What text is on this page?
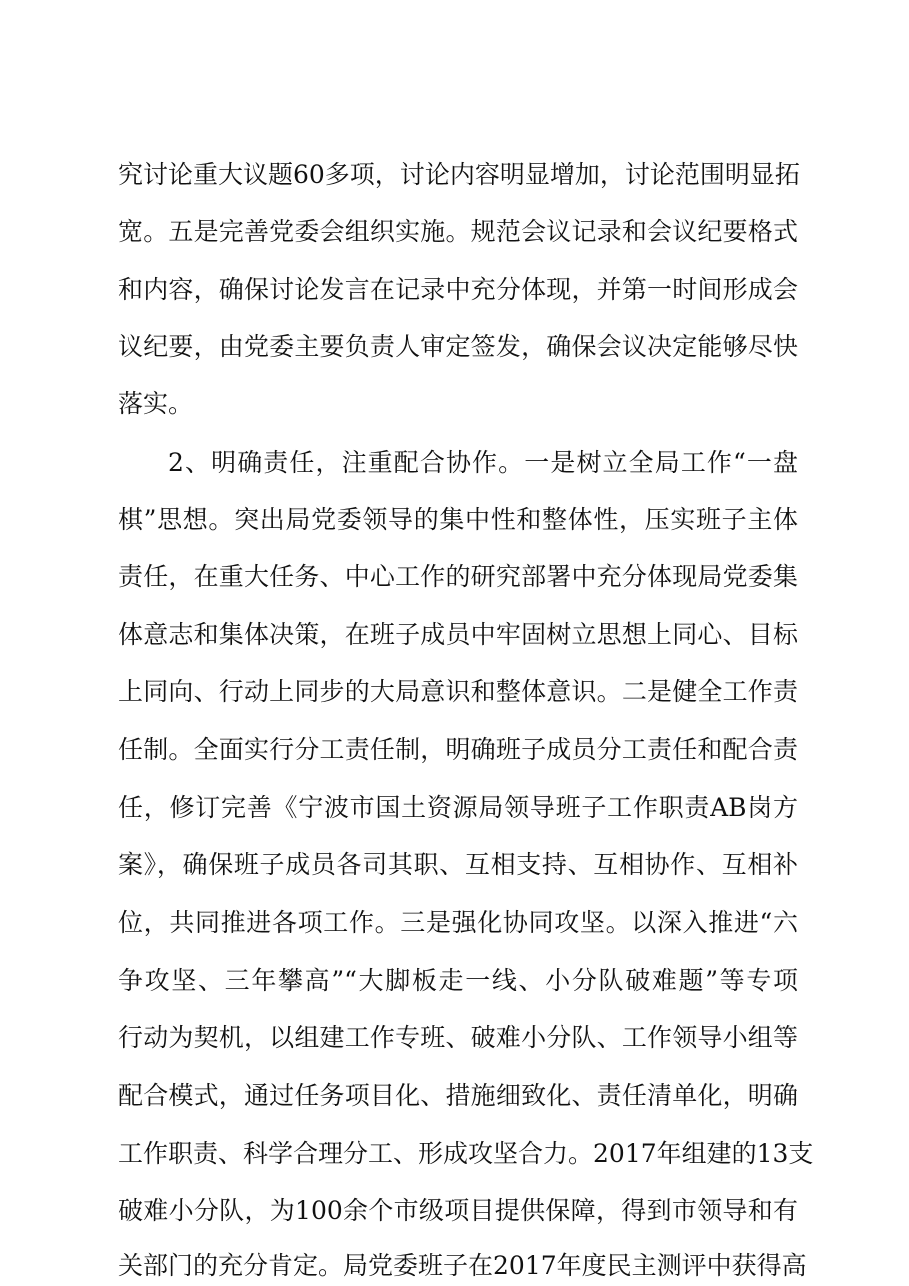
究讨论重大议题60多项，讨论内容明显增加，讨论范围明显拓
宽。五是完善党委会组织实施。规范会议记录和会议纪要格式
和内容，确保讨论发言在记录中充分体现，并第一时间形成会
议纪要，由党委主要负责人审定签发，确保会议决定能够尽快
落实。
2、明确责任，注重配合协作。一是树立全局工作“一盘
棋”思想。突出局党委领导的集中性和整体性，压实班子主体
责任，在重大任务、中心工作的研究部署中充分体现局党委集
体意志和集体决策，在班子成员中牢固树立思想上同心、目标
上同向、行动上同步的大局意识和整体意识。二是健全工作责
任制。全面实行分工责任制，明确班子成员分工责任和配合责
任，修订完善《宁波市国土资源局领导班子工作职责AB岗方
案》，确保班子成员各司其职、互相支持、互相协作、互相补
位，共同推进各项工作。三是强化协同攻坚。以深入推进“六
争攻坚、三年攀高”“大脚板走一线、小分队破难题”等专项
行动为契机，以组建工作专班、破难小分队、工作领导小组等
配合模式，通过任务项目化、措施细致化、责任清单化，明确
工作职责、科学合理分工、形成攻坚合力。2017年组建的13支
破难小分队，为100余个市级项目提供保障，得到市领导和有
关部门的充分肯定。局党委班子在2017年度民主测评中获得高
